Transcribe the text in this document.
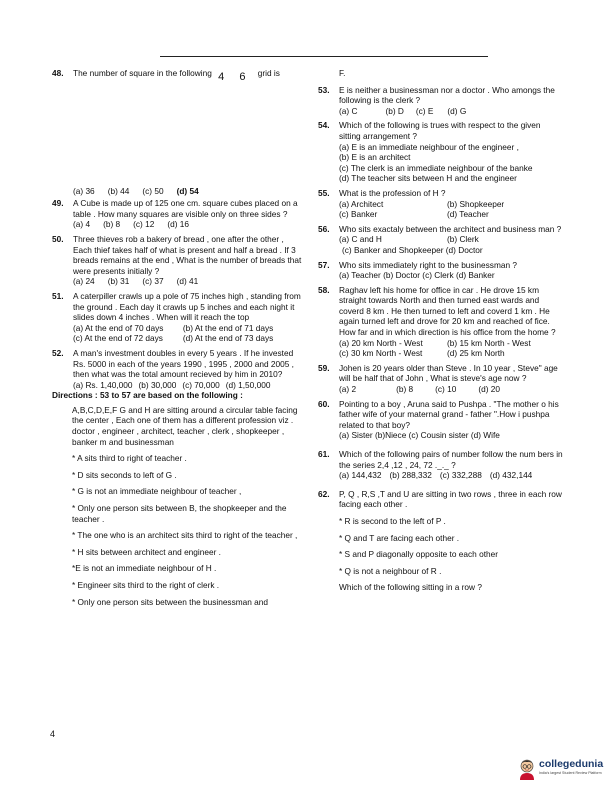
48.	The number of square in the following 4 6 grid is
(a) 36 (b) 44 (c) 50 (d) 54
49.	A Cube is made up of 125 one cm. square cubes placed on a table . How many squares are visible only on three sides ?
(a) 4 (b) 8 (c) 12 (d) 16
50.	Three thieves rob a bakery of bread , one after the other , Each thief takes half of what is present and half a bread . If 3 breads remains at the end , What is the number of breads that were presents initially ?
(a) 24 (b) 31 (c) 37 (d) 41
51.	A caterpiller crawls up a pole of 75 inches high , standing from the ground . Each day it crawls up 5 inches and each night it slides down 4 inches . When will it reach the top
(a) At the end of 70 days	(b) At the end of 71 days
(c) At the end of 72 days	(d) At the end of 73 days
52.	A man's investment doubles in every 5 years . If he invested Rs. 5000 in each of the years 1990 , 1995 , 2000 and 2005 , then what was the total amount recieved by him in 2010?
(a) Rs. 1,40,000 (b) 30,000 (c) 70,000 (d) 1,50,000
Directions : 53 to 57 are based on the following :
A,B,C,D,E,F G and H are sitting around a circular table facing the center , Each one of them has a different profession viz . doctor , engineer , architect, teacher , clerk , shopkeeper , banker m and businessman
* A sits third to right of teacher .
* D sits seconds to left of G .
* G is not an immediate neighbour of teacher ,
* Only one person sits between B, the shopkeeper and the teacher .
* The one who is an architect sits third to right of the teacher ,
* H sits between architect and engineer .
*E is not an immediate neighbour of H .
* Engineer sits third to the right of clerk .
* Only one person sits between the businessman and
F.
53.	E is neither a businessman nor a doctor . Who amongs the following is the clerk ?
(a) C	(b) D (c) E (d) G
54.	Which of the following is trues with respect to the given sitting arrangement ?
(a) E is an immediate neighbour of the engineer ,
(b) E is an architect
(c) The clerk is an immediate neighbour of the banke
(d) The teacher sits between H and the engineer
55.	What is the profession of H ?
(a) Architect	(b) Shopkeeper
(c) Banker	(d) Teacher
56.	Who sits exactaly between the architect and business man ?
(a) C and H	(b) Clerk
(c) Banker and Shopkeeper (d) Doctor
57.	Who sits immediately right to the businessman ?
(a) Teacher (b) Doctor (c) Clerk (d) Banker
58.	Raghav left his home for office in car . He drove 15 km straight towards North and then turned east wards and coverd 8 km . He then turned to left and coverd 1 km . He again turned left and drove for 20 km and reached of fice. How far and in which direction is his office from the home ?
(a) 20 km North - West	(b) 15 km North - West
(c) 30 km North - West	(d) 25 km North
59.	Johen is 20 years older than Steve . In 10 year , Steve" age will be half that of John , What is steve's age now ?
(a) 2	(b) 8	(c) 10	(d) 20
60.	Pointing to a boy , Aruna said to Pushpa . "The mother o his father wife of your maternal grand - father ".How i pushpa related to that boy?
(a) Sister (b)Niece (c) Cousin sister (d) Wife
61.	Which of the following pairs of number follow the num bers in the series 2,4 ,12 , 24, 72 ._._ ?
(a) 144,432 (b) 288,332 (c) 332,288 (d) 432,144
62.	P, Q , R,S ,T and U are sitting in two rows , three in each row facing each other .
* R is second to the left of P .
* Q and T are facing each other .
* S and P diagonally opposite to each other
* Q is not a neighbour of R .
Which of the following sitting in a row ?
4
collegedunia
India's largest Student Review Platform
